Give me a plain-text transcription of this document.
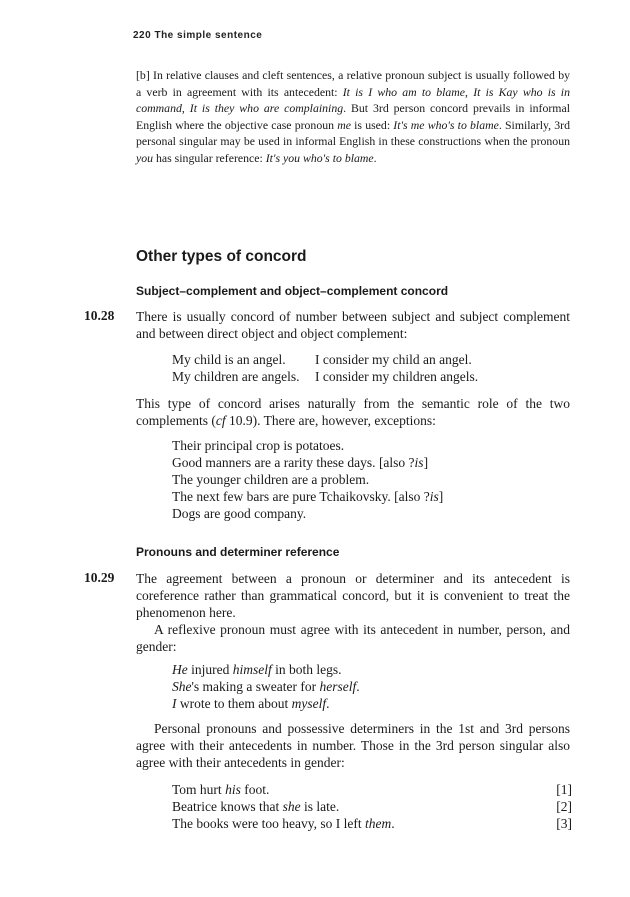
220 The simple sentence
[b] In relative clauses and cleft sentences, a relative pronoun subject is usually followed by a verb in agreement with its antecedent: It is I who am to blame, It is Kay who is in command, It is they who are complaining. But 3rd person concord prevails in informal English where the objective case pronoun me is used: It's me who's to blame. Similarly, 3rd personal singular may be used in informal English in these constructions when the pronoun you has singular reference: It's you who's to blame.
Other types of concord
Subject–complement and object–complement concord
10.28 There is usually concord of number between subject and subject complement and between direct object and object complement:
My child is an angel. I consider my child an angel.
My children are angels. I consider my children angels.
This type of concord arises naturally from the semantic role of the two complements (cf 10.9). There are, however, exceptions:
Their principal crop is potatoes.
Good manners are a rarity these days. [also ?is]
The younger children are a problem.
The next few bars are pure Tchaikovsky. [also ?is]
Dogs are good company.
Pronouns and determiner reference
10.29 The agreement between a pronoun or determiner and its antecedent is coreference rather than grammatical concord, but it is convenient to treat the phenomenon here.
A reflexive pronoun must agree with its antecedent in number, person, and gender:
He injured himself in both legs.
She's making a sweater for herself.
I wrote to them about myself.
Personal pronouns and possessive determiners in the 1st and 3rd persons agree with their antecedents in number. Those in the 3rd person singular also agree with their antecedents in gender:
Tom hurt his foot.	[1]
Beatrice knows that she is late.	[2]
The books were too heavy, so I left them.	[3]
